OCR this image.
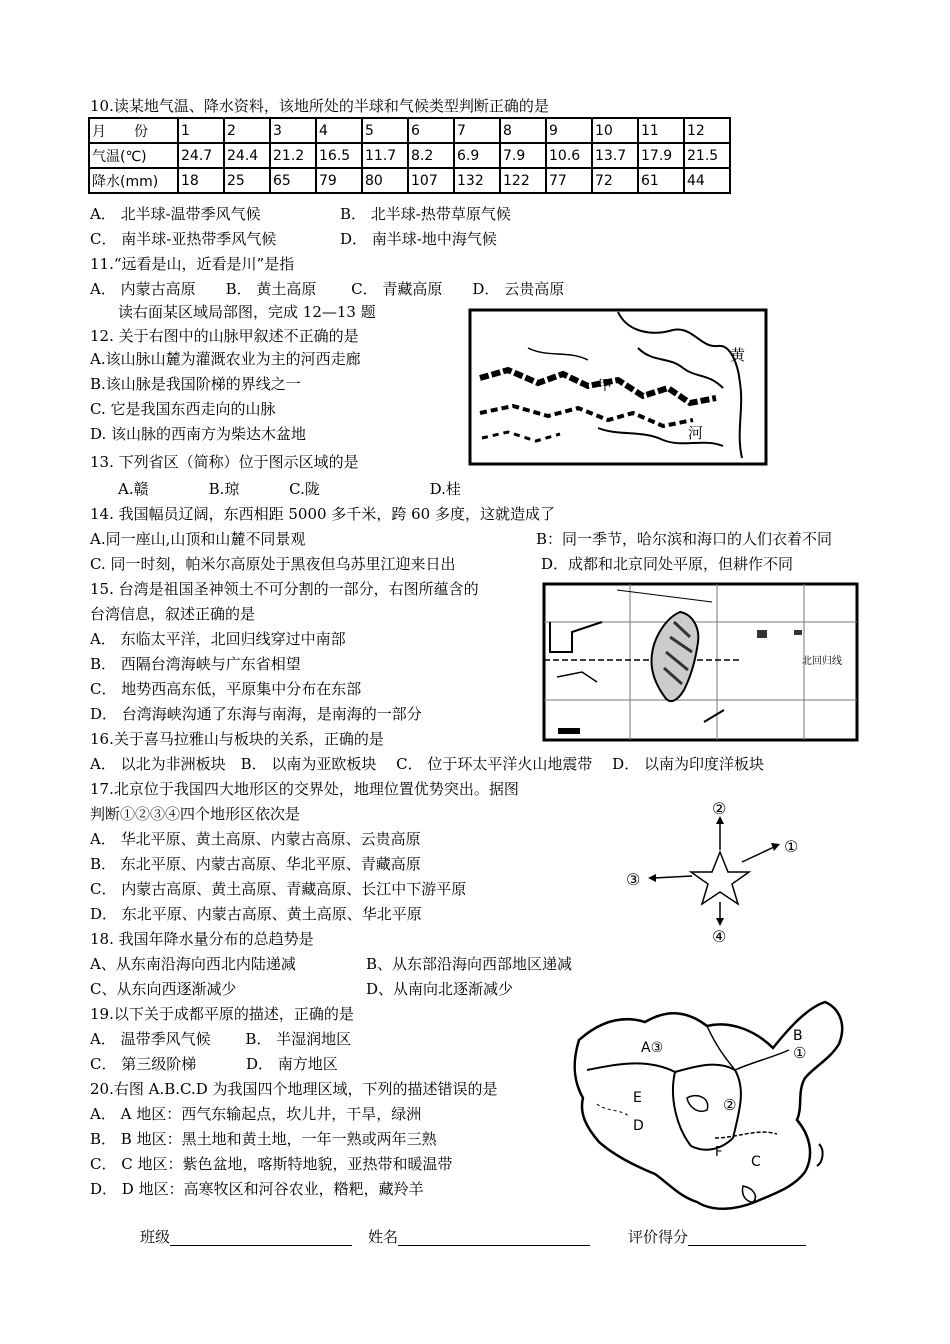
10.读某地气温、降水资料，该地所处的半球和气候类型判断正确的是
月　　份	1	2	3	4	5	6	7	8	9	10	11	12
气温(℃)	24.7	24.4	21.2	16.5	11.7	8.2	6.9	7.9	10.6	13.7	17.9	21.5
降水(mm)	18	25	65	79	80	107	132	122	77	72	61	44
A． 北半球-温带季风气候	B． 北半球-热带草原气候
C． 南半球-亚热带季风气候	D． 南半球-地中海气候
11.“远看是山，近看是川”是指
A． 内蒙古高原　　B． 黄土高原　　 C． 青藏高原　　D． 云贵高原
读右面某区域局部图，完成 12—13 题
12. 关于右图中的山脉甲叙述不正确的是
A.该山脉山麓为灌溉农业为主的河西走廊
B.该山脉是我国阶梯的界线之一
C. 它是我国东西走向的山脉
D. 该山脉的西南方为柴达木盆地
甲
黄
河
13. 下列省区（简称）位于图示区域的是
A.赣　　　　B.琼　　　 C.陇　　　　　　　 D.桂
14. 我国幅员辽阔，东西相距 5000 多千米，跨 60 多度，这就造成了
A.同一座山,山顶和山麓不同景观	B：同一季节，哈尔滨和海口的人们衣着不同
C. 同一时刻，帕米尔高原处于黑夜但乌苏里江迎来日出	D．成都和北京同处平原，但耕作不同
15. 台湾是祖国圣神领土不可分割的一部分，右图所蕴含的
台湾信息，叙述正确的是
A． 东临太平洋，北回归线穿过中南部
B． 西隔台湾海峡与广东省相望
C． 地势西高东低，平原集中分布在东部
D． 台湾海峡沟通了东海与南海，是南海的一部分
北回归线
16.关于喜马拉雅山与板块的关系，正确的是
A． 以北为非洲板块　B． 以南为亚欧板块　 C． 位于环太平洋火山地震带　 D． 以南为印度洋板块
17.北京位于我国四大地形区的交界处，地理位置优势突出。据图
判断①②③④四个地形区依次是
A． 华北平原、黄土高原、内蒙古高原、云贵高原
B． 东北平原、内蒙古高原、华北平原、青藏高原
C． 内蒙古高原、黄土高原、青藏高原、长江中下游平原
D． 东北平原、内蒙古高原、黄土高原、华北平原
①
②
③
④
18. 我国年降水量分布的总趋势是
A、从东南沿海向西北内陆递减	B、从东部沿海向西部地区递减
C、从东向西逐渐减少	D、从南向北逐渐减少
19.以下关于成都平原的描述，正确的是
A． 温带季风气候　　 B． 半湿润地区
C． 第三级阶梯　　　 D． 南方地区
20.右图 A.B.C.D 为我国四个地理区域，下列的描述错误的是
A． A 地区：西气东输起点，坎儿井，干旱，绿洲
B． B 地区：黑土地和黄土地，一年一熟或两年三熟
C． C 地区：紫色盆地，喀斯特地貌，亚热带和暖温带
D． D 地区：高寒牧区和河谷农业，糌粑，藏羚羊
A③
B
①
E	②
D
F
C
班级	姓名	评价得分
